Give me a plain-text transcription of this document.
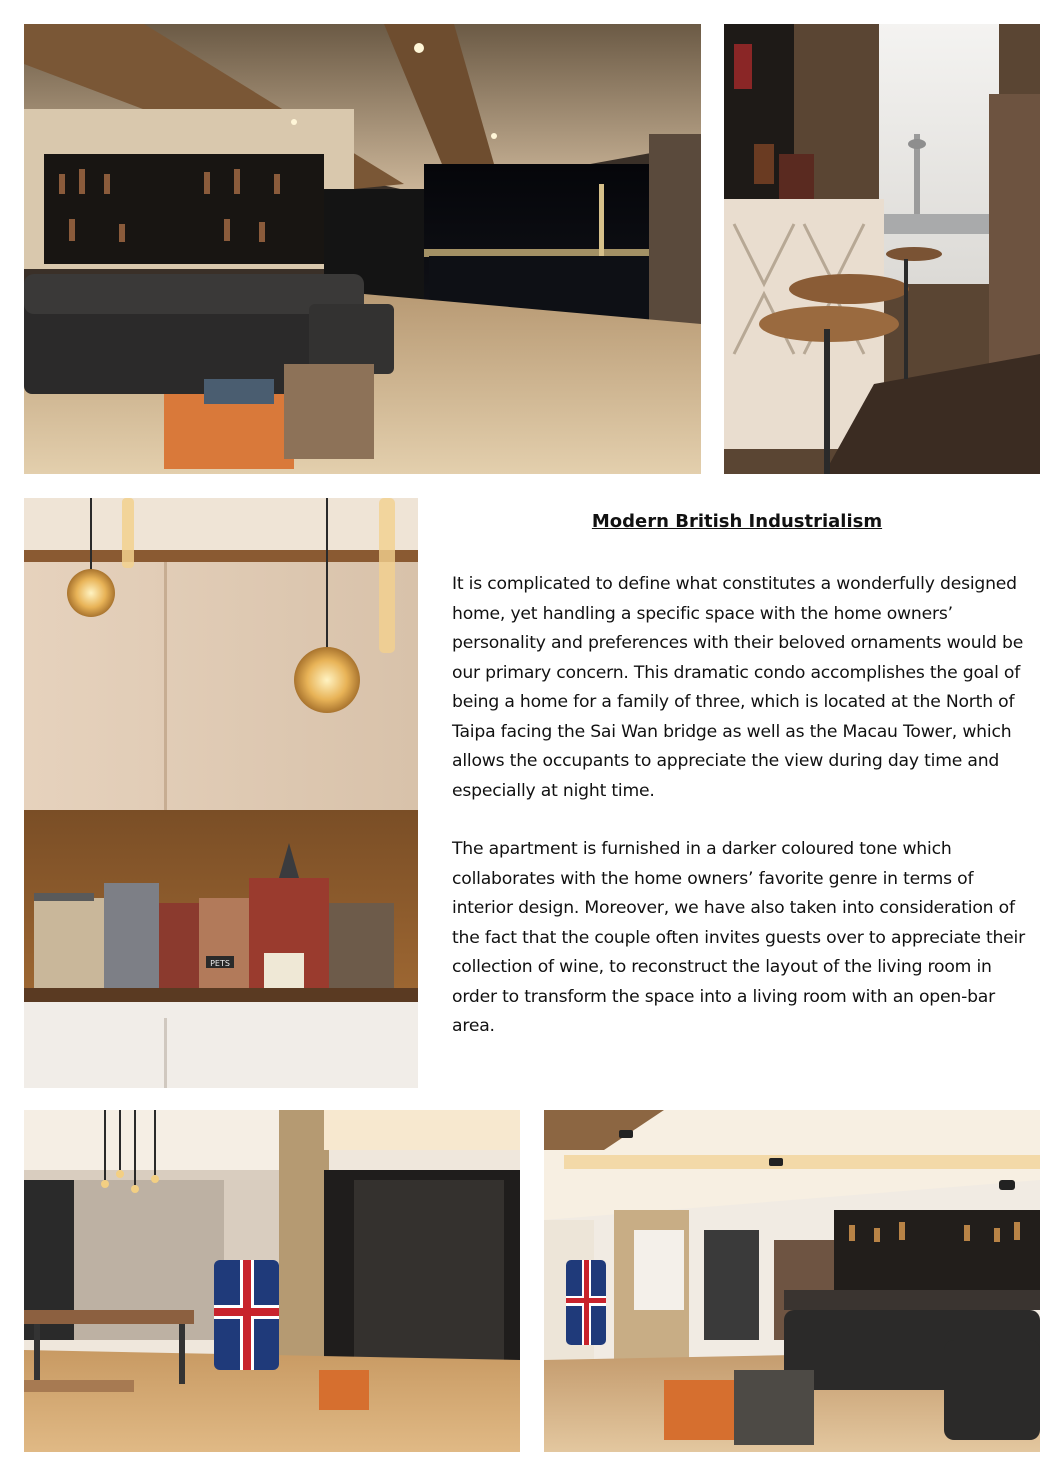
PETS
Modern British Industrialism

It is complicated to define what constitutes a wonderfully designed home, yet handling a specific space with the home owners’ personality and preferences with their beloved ornaments would be our primary concern. This dramatic condo accomplishes the goal of being a home for a family of three, which is located at the North of Taipa facing the Sai Wan bridge as well as the Macau Tower, which allows the occupants to appreciate the view during day time and especially at night time.

The apartment is furnished in a darker coloured tone which collaborates with the home owners’ favorite genre in terms of interior design. Moreover, we have also taken into consideration of the fact that the couple often invites guests over to appreciate their collection of wine, to reconstruct the layout of the living room in order to transform the space into a living room with an open-bar area.
